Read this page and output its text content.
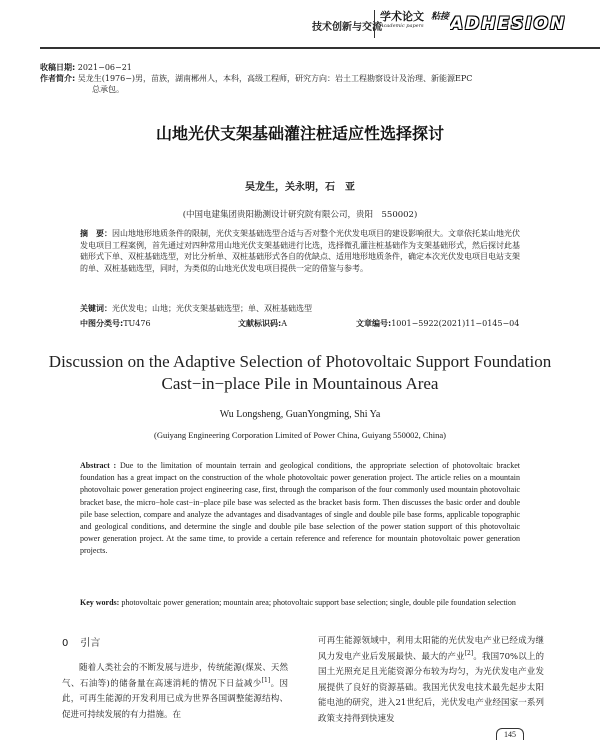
技术创新与交流
学术论文
Academic papers
粘接 ADHESION
收稿日期: 2021−06−21
作者简介: 吴龙生(1976−)男，苗族，湖南郴州人，本科，高级工程师，研究方向：岩土工程勘察设计及治理、新能源EPC
总承包。
山地光伏支架基础灌注桩适应性选择探讨
吴龙生，关永明，石　亚
(中国电建集团贵阳勘测设计研究院有限公司，贵阳　550002)
摘　要：因山地地形地质条件的限制，光伏支架基础选型合适与否对整个光伏发电项目的建设影响很大。文章依托某山地光伏发电项目工程案例，首先通过对四种常用山地光伏支架基础进行比选，选择微孔灌注桩基础作为支架基础形式，然后探讨此基础形式下单、双桩基础选型，对比分析单、双桩基础形式各自的优缺点、适用地形地质条件，确定本次光伏发电项目电站支架的单、双桩基础选型，同时，为类似的山地光伏发电项目提供一定的借鉴与参考。
关键词：光伏发电；山地；光伏支架基础选型；单、双桩基础选型
中图分类号:TU476	文献标识码:A	文章编号:1001−5922(2021)11−0145−04
Discussion on the Adaptive Selection of Photovoltaic Support Foundation Cast−in−place Pile in Mountainous Area
Wu Longsheng, GuanYongming, Shi Ya
(Guiyang Engineering Corporation Limited of Power China, Guiyang 550002, China)
Abstract : Due to the limitation of mountain terrain and geological conditions, the appropriate selection of photovoltaic bracket foundation has a great impact on the construction of the whole photovoltaic power generation project. The article relies on a mountain photovoltaic power generation project engineering case, first, through the comparison of the four commonly used mountain photovoltaic bracket base, the micro−hole cast−in−place pile base was selected as the bracket basis form. Then discusses the basic order and double pile base selection, compare and analyze the advantages and disadvantages of single and double pile base forms, applicable topographic and geological conditions, and determine the single and double pile base selection of the power station support of this photovoltaic power generation project. At the same time, to provide a certain reference and reference for mountain photovoltaic power generation projects.
Key words: photovoltaic power generation; mountain area; photovoltaic support base selection; single, double pile foundation selection
0 引言
随着人类社会的不断发展与进步，传统能源(煤炭、天然气、石油等)的储备量在高速消耗的情况下日益减少[1]。因此，可再生能源的开发利用已成为世界各国调整能源结构、促进可持续发展的有力措施。在
可再生能源领域中，利用太阳能的光伏发电产业已经成为继风力发电产业后发展最快、最大的产业[2]。我国70%以上的国土光照充足且光能资源分布较为均匀，为光伏发电产业发展提供了良好的资源基础。我国光伏发电技术最先起步太阳能电池的研究，进入21世纪后，光伏发电产业经国家一系列政策支持得到快速发
145
